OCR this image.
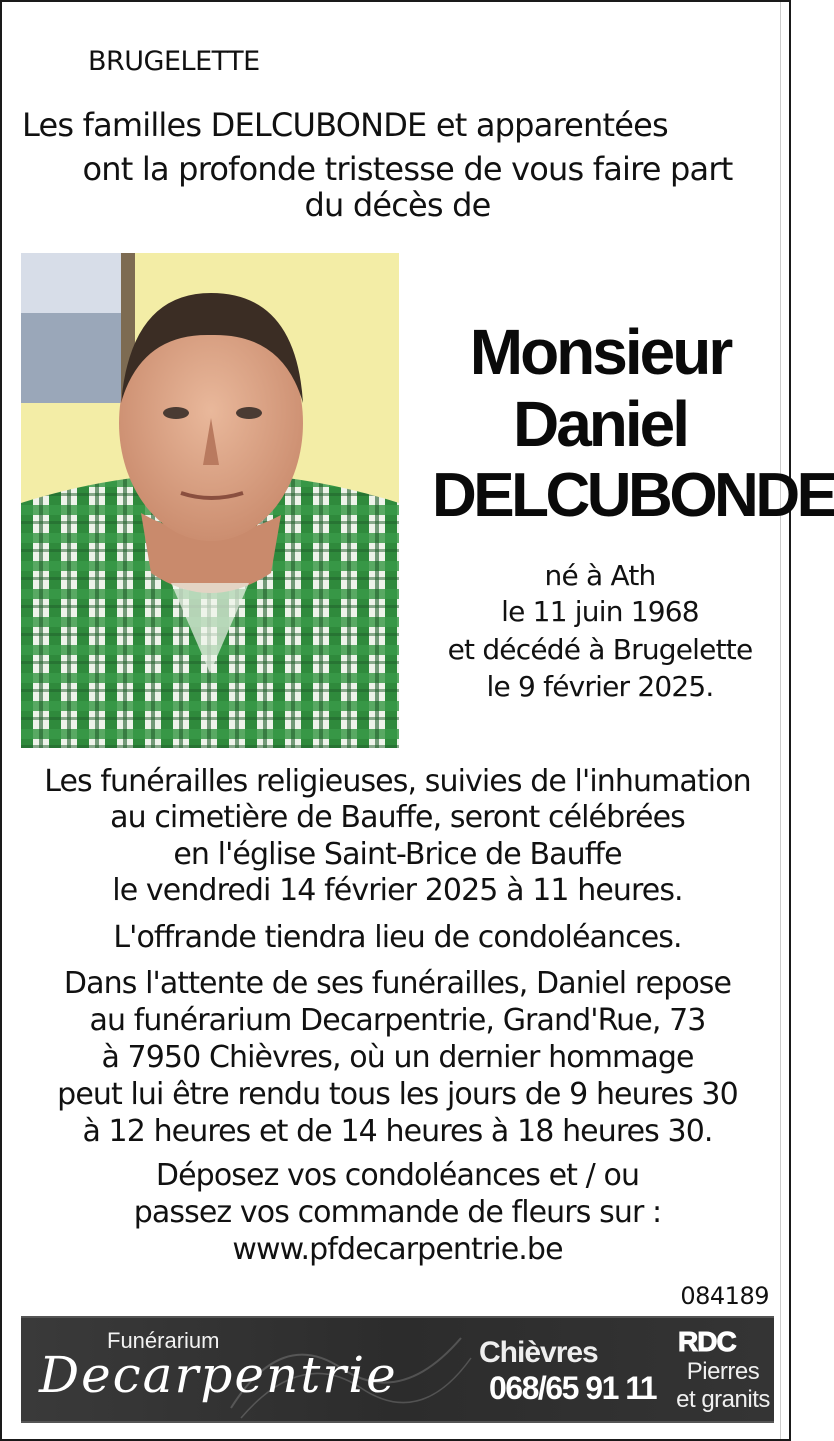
BRUGELETTE
Les familles DELCUBONDE et apparentées
ont la profonde tristesse de vous faire part
du décès de
Monsieur
Daniel
DELCUBONDE
né à Ath
le 11 juin 1968
et décédé à Brugelette
le 9 février 2025.
Les funérailles religieuses, suivies de l'inhumation
au cimetière de Bauffe, seront célébrées
en l'église Saint-Brice de Bauffe
le vendredi 14 février 2025 à 11 heures.
L'offrande tiendra lieu de condoléances.
Dans l'attente de ses funérailles, Daniel repose
au funérarium Decarpentrie, Grand'Rue, 73
à 7950 Chièvres, où un dernier hommage
peut lui être rendu tous les jours de 9 heures 30
à 12 heures et de 14 heures à 18 heures 30.
Déposez vos condoléances et / ou
passez vos commande de fleurs sur :
www.pfdecarpentrie.be
084189
Funérarium
Decarpentrie	Chièvres
068/65 91 11
RDC
Pierres
et granits
